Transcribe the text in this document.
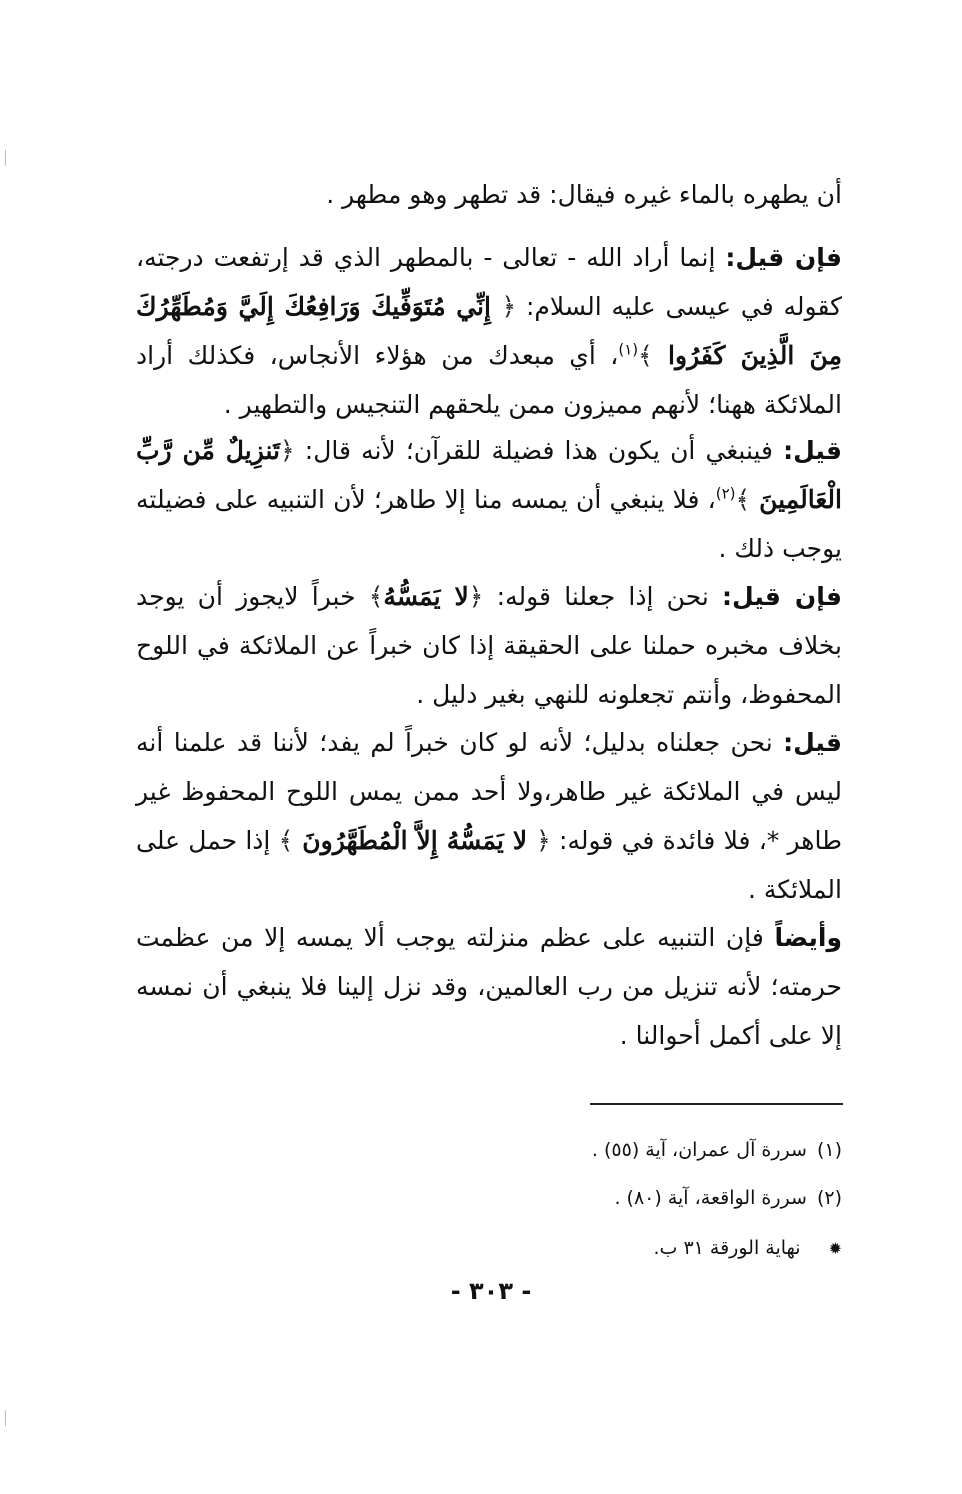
أن يطهره بالماء غيره فيقال: قد تطهر وهو مطهر .

فإن قيل: إنما أراد الله - تعالى - بالمطهر الذي قد إرتفعت درجته، كقوله في عيسى عليه السلام: ﴿ إِنِّي مُتَوَفِّيكَ وَرَافِعُكَ إِلَيَّ وَمُطَهِّرُكَ مِنَ الَّذِينَ كَفَرُوا ﴾$^{(١)}$، أي مبعدك من هؤلاء الأنجاس، فكذلك أراد الملائكة ههنا؛ لأنهم مميزون ممن يلحقهم التنجيس والتطهير .

قيل: فينبغي أن يكون هذا فضيلة للقرآن؛ لأنه قال: ﴿تَنزِيلٌ مِّن رَّبِّ الْعَالَمِينَ ﴾$^{(٢)}$، فلا ينبغي أن يمسه منا إلا طاهر؛ لأن التنبيه على فضيلته يوجب ذلك .

فإن قيل: نحن إذا جعلنا قوله: ﴿لا يَمَسُّهُ﴾ خبراً لايجوز أن يوجد بخلاف مخبره حملنا على الحقيقة إذا كان خبراً عن الملائكة في اللوح المحفوظ، وأنتم تجعلونه للنهي بغير دليل .

قيل: نحن جعلناه بدليل؛ لأنه لو كان خبراً لم يفد؛ لأننا قد علمنا أنه ليس في الملائكة غير طاهر،ولا أحد ممن يمس اللوح المحفوظ غير طاهر *، فلا فائدة في قوله: ﴿ لا يَمَسُّهُ إِلاَّ الْمُطَهَّرُونَ ﴾ إذا حمل على الملائكة .

وأيضاً فإن التنبيه على عظم منزلته يوجب ألا يمسه إلا من عظمت حرمته؛ لأنه تنزيل من رب العالمين، وقد نزل إلينا فلا ينبغي أن نمسه إلا على أكمل أحوالنا .

(١)سررة آل عمران، آية (٥٥) .
(٢)سررة الواقعة، آية (٨٠) .
✹نهاية الورقة ٣١ ب.
- ٣٠٣ -
